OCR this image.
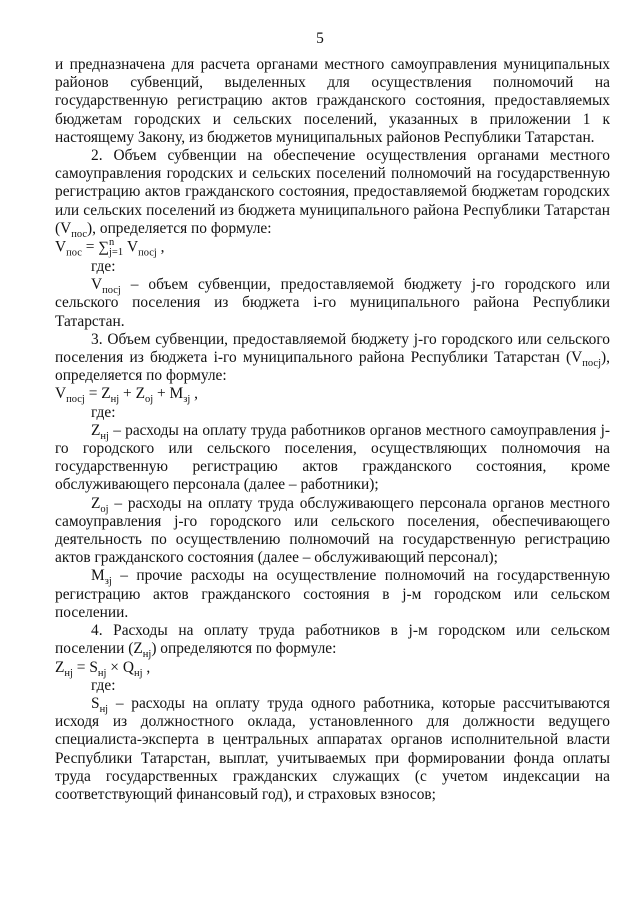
5

и предназначена для расчета органами местного самоуправления муниципальных районов субвенций, выделенных для осуществления полномочий на государственную регистрацию актов гражданского состояния, предоставляемых бюджетам городских и сельских поселений, указанных в приложении 1 к настоящему Закону, из бюджетов муниципальных районов Республики Татарстан.

2. Объем субвенции на обеспечение осуществления органами местного самоуправления городских и сельских поселений полномочий на государственную регистрацию актов гражданского состояния, предоставляемой бюджетам городских или сельских поселений из бюджета муниципального района Республики Татарстан $(V_{пос})$, определяется по формуле:

$V_{пос}$ = ∑ n
j=1 $V_{посj}$ ,

где:

$V_{посj}$ – объем субвенции, предоставляемой бюджету j-го городского или сельского поселения из бюджета i-го муниципального района Республики Татарстан.

3. Объем субвенции, предоставляемой бюджету j-го городского или сельского поселения из бюджета i-го муниципального района Республики Татарстан $(V_{посj})$, определяется по формуле:

$V_{посj} = Z_{нj} + Z_{оj} + M_{зj}$ ,

где:

$Z_{нj}$ – расходы на оплату труда работников органов местного самоуправления j-го городского или сельского поселения, осуществляющих полномочия на государственную регистрацию актов гражданского состояния, кроме обслуживающего персонала (далее – работники);

$Z_{оj}$ – расходы на оплату труда обслуживающего персонала органов местного самоуправления j-го городского или сельского поселения, обеспечивающего деятельность по осуществлению полномочий на государственную регистрацию актов гражданского состояния (далее – обслуживающий персонал);

$M_{зj}$ – прочие расходы на осуществление полномочий на государственную регистрацию актов гражданского состояния в j-м городском или сельском поселении.

4. Расходы на оплату труда работников в j-м городском или сельском поселении $(Z_{нj})$ определяются по формуле:

$Z_{нj} = S_{нj} \times Q_{нj}$ ,

где:

$S_{нj}$ – расходы на оплату труда одного работника, которые рассчитываются исходя из должностного оклада, установленного для должности ведущего специалиста-эксперта в центральных аппаратах органов исполнительной власти Республики Татарстан, выплат, учитываемых при формировании фонда оплаты труда государственных гражданских служащих (с учетом индексации на соответствующий финансовый год), и страховых взносов;
